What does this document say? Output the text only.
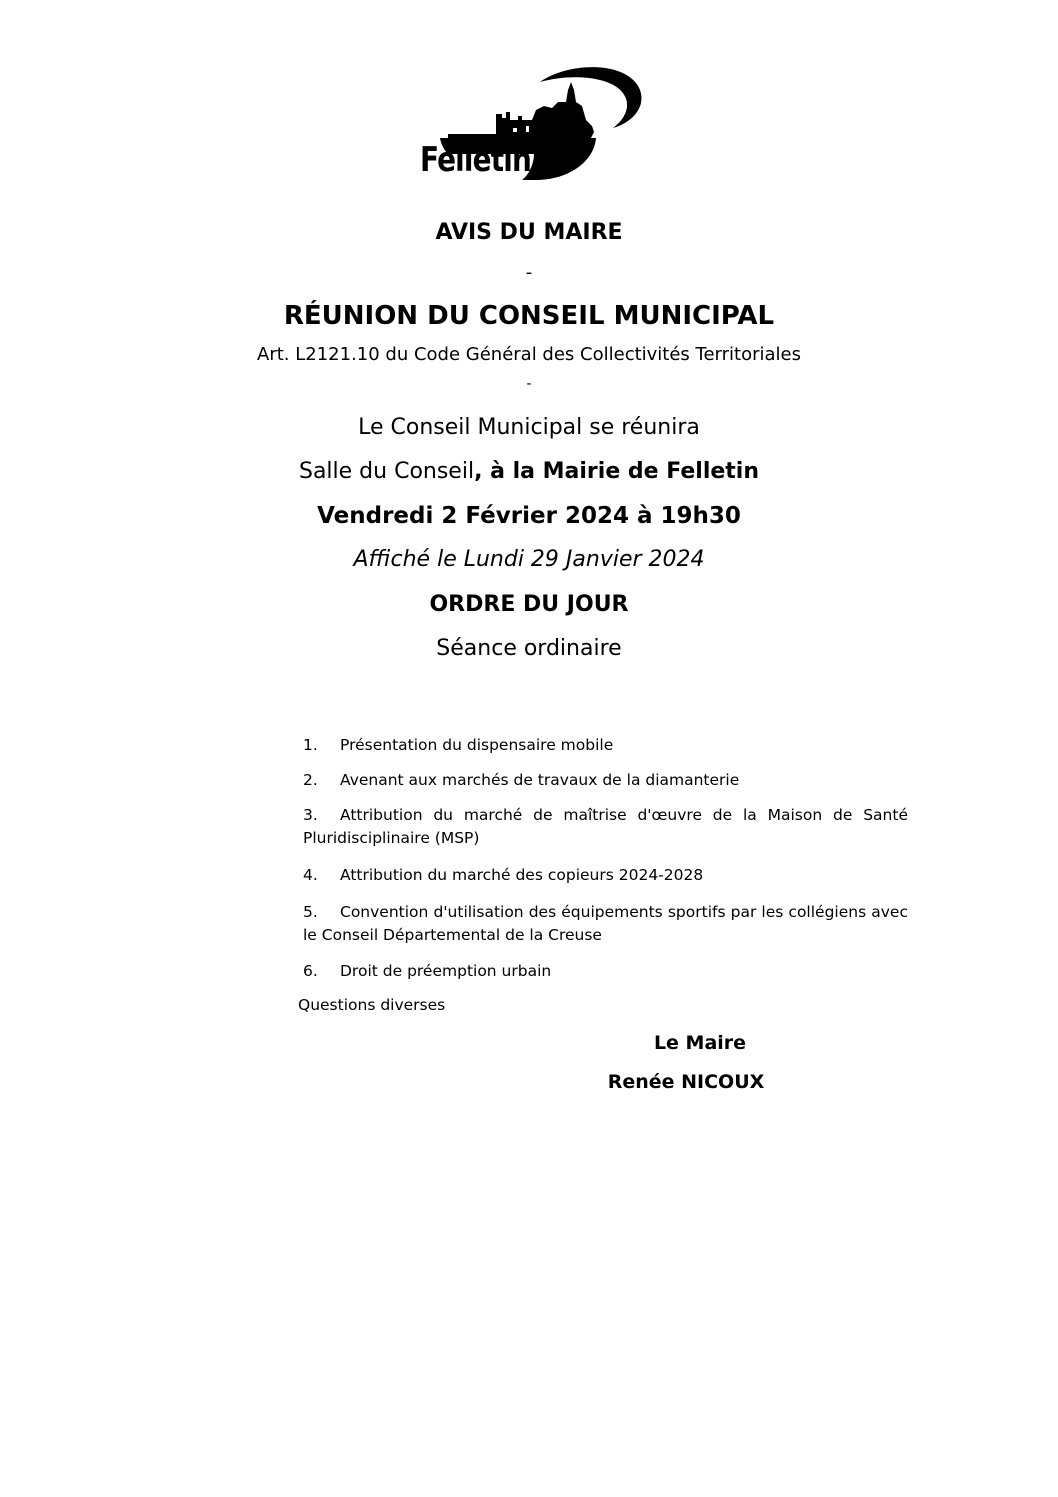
Felletin
AVIS DU MAIRE
-
RÉUNION DU CONSEIL MUNICIPAL
Art. L2121.10 du Code Général des Collectivités Territoriales
-
Le Conseil Municipal se réunira
Salle du Conseil, à la Mairie de Felletin
Vendredi 2 Février 2024 à 19h30
Affiché le Lundi 29 Janvier 2024
ORDRE DU JOUR
Séance ordinaire
1. Présentation du dispensaire mobile
2. Avenant aux marchés de travaux de la diamanterie
3. Attribution du marché de maîtrise d'œuvre de la Maison de Santé Pluridisciplinaire (MSP)
4. Attribution du marché des copieurs 2024-2028
5. Convention d'utilisation des équipements sportifs par les collégiens avec le Conseil Départemental de la Creuse
6. Droit de préemption urbain
Questions diverses
Le Maire
Renée NICOUX
